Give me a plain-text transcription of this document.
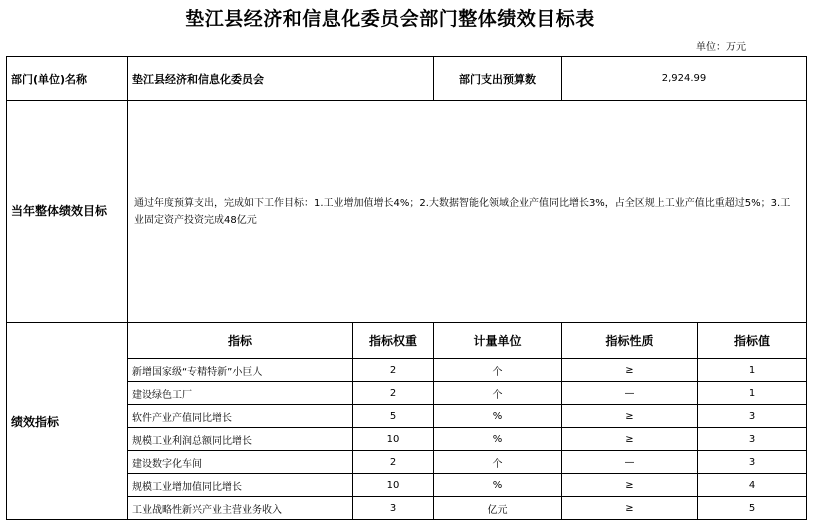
垫江县经济和信息化委员会部门整体绩效目标表
单位：万元
部门(单位)名称	垫江县经济和信息化委员会		部门支出预算数	2,924.99	
当年整体绩效目标	通过年度预算支出，完成如下工作目标：1.工业增加值增长4%；2.大数据智能化领域企业产值同比增长3%，占全区规上工业产值比重超过5%；3.工业固定资产投资完成48亿元				
绩效指标	指标	指标权重	计量单位	指标性质	指标值
	新增国家级“专精特新”小巨人	2	个	≥	1
	建设绿色工厂	2	个	—	1
	软件产业产值同比增长	5	%	≥	3
	规模工业利润总额同比增长	10	%	≥	3
	建设数字化车间	2	个	—	3
	规模工业增加值同比增长	10	%	≥	4
	工业战略性新兴产业主营业务收入	3	亿元	≥	5
